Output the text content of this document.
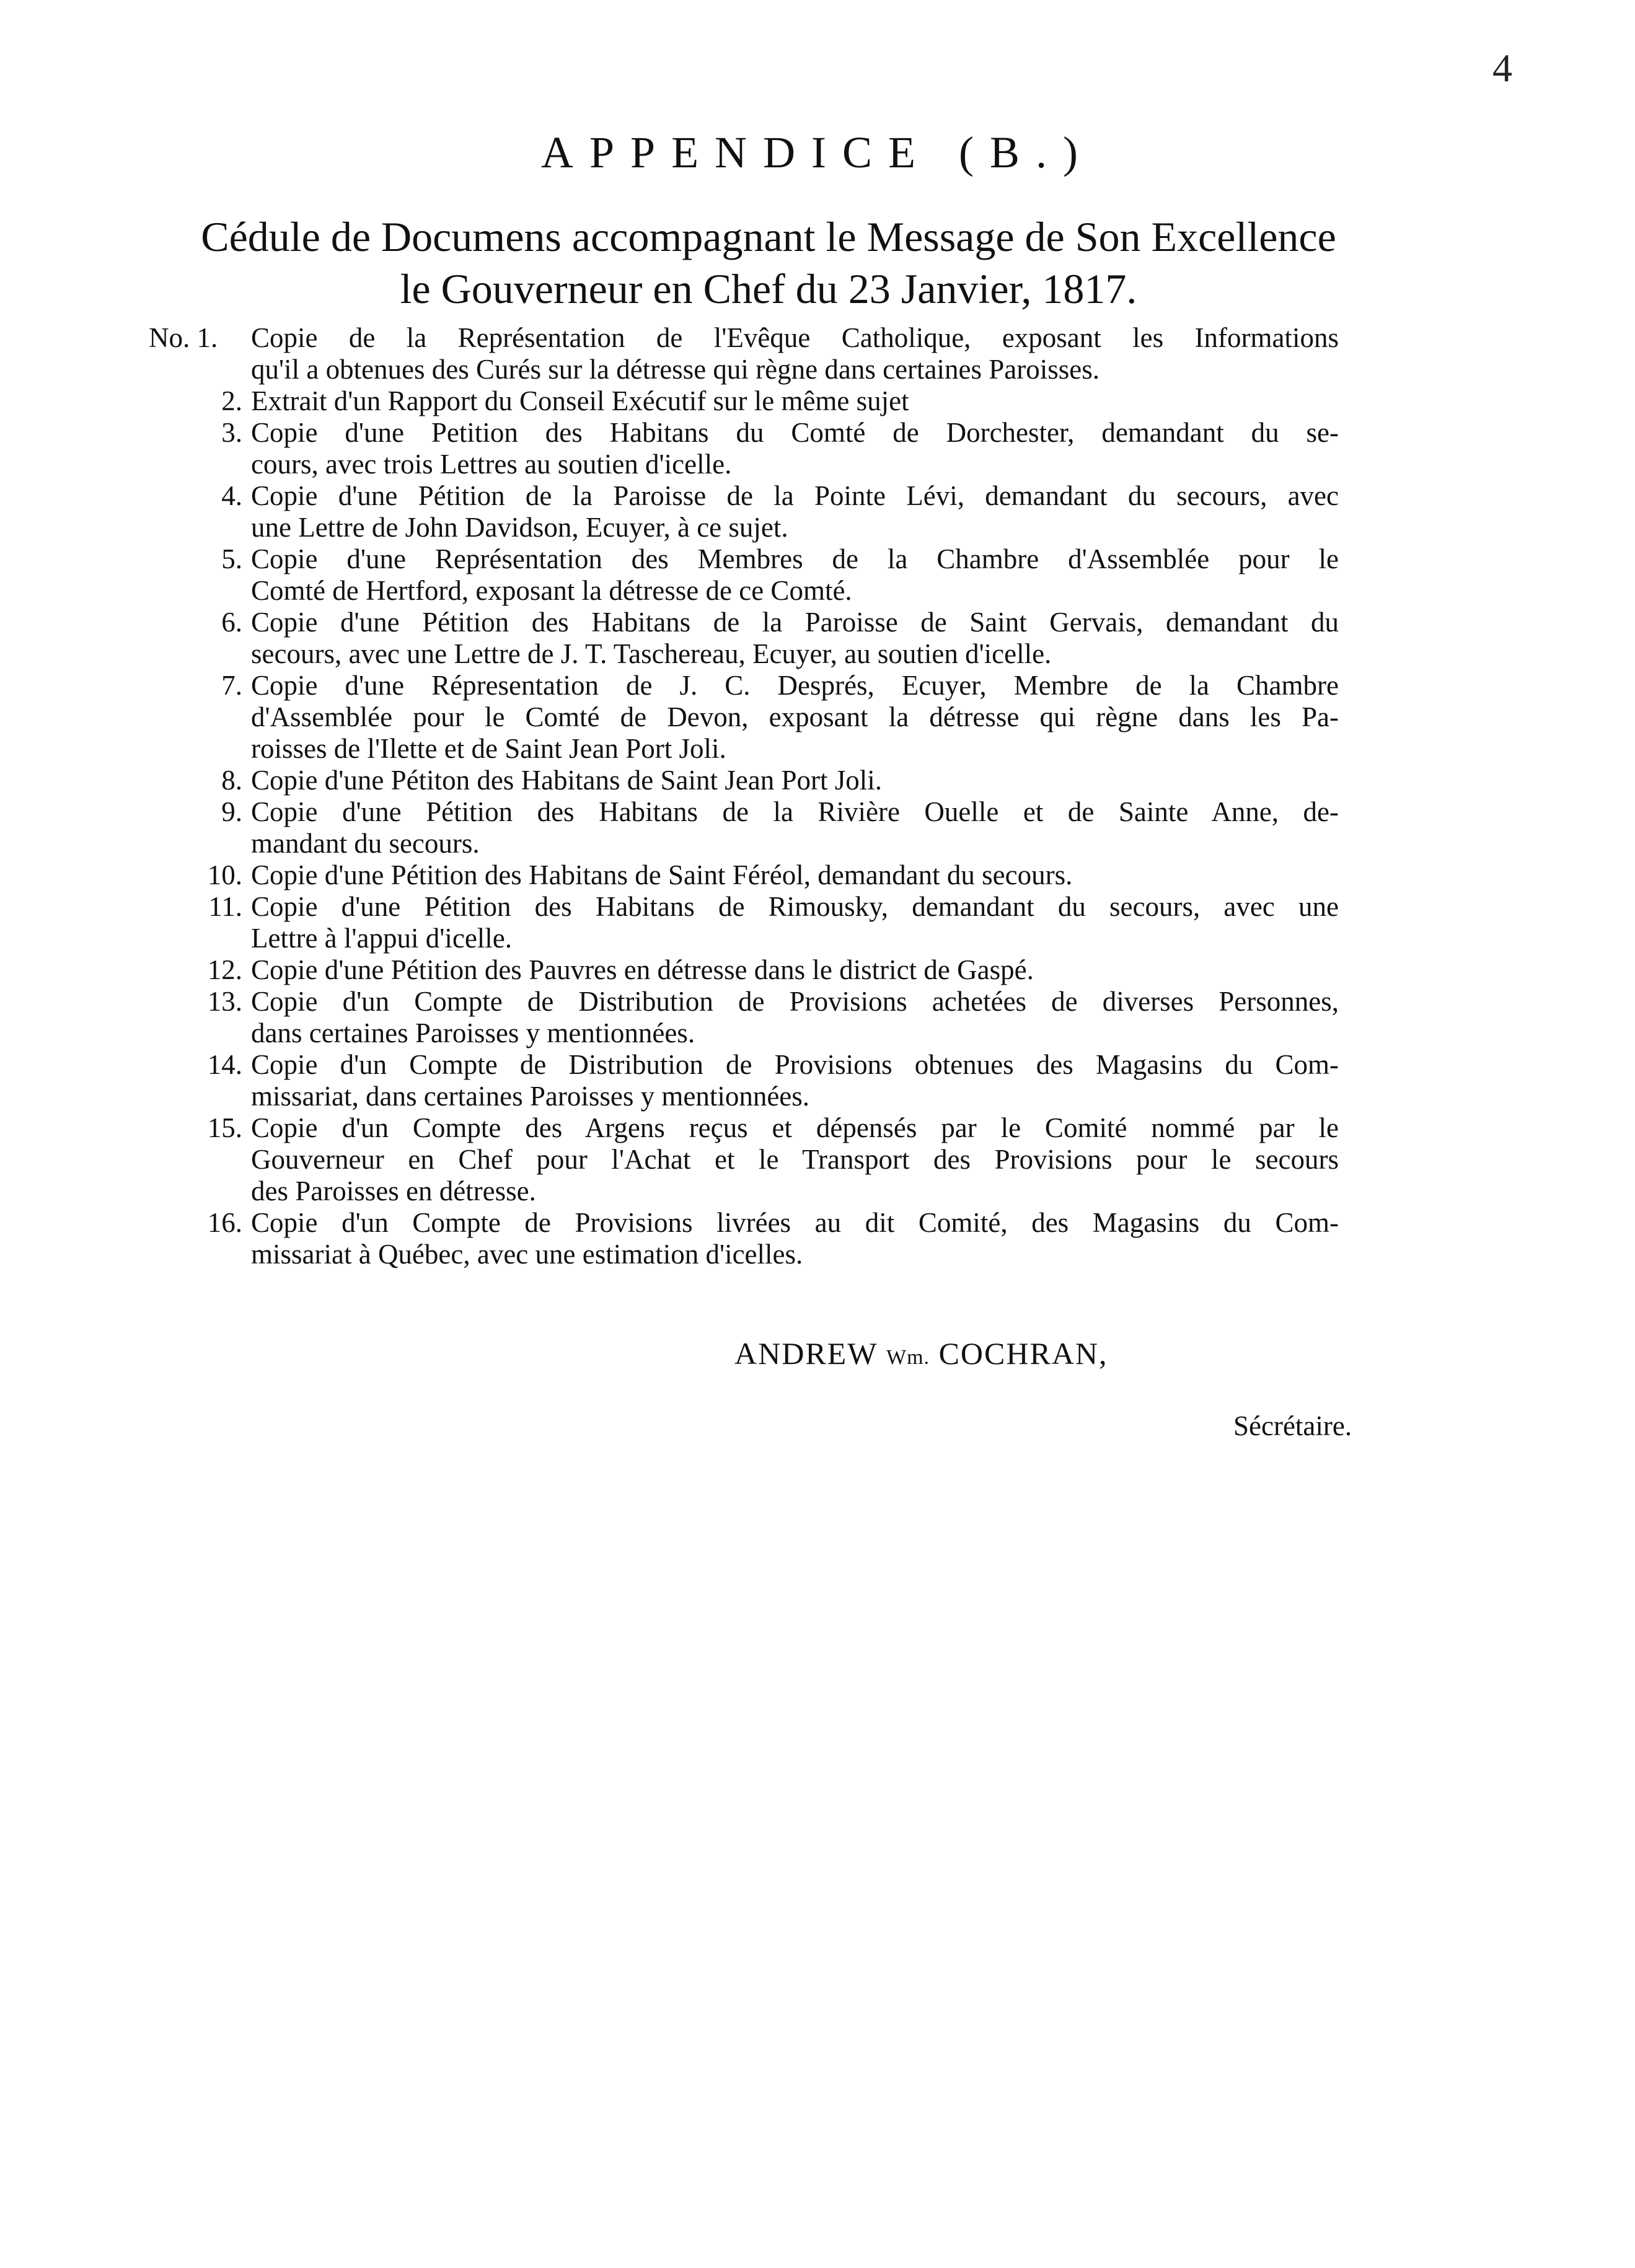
4
APPENDICE (B.)
Cédule de Documens accompagnant le Message de Son Excellence
le Gouverneur en Chef du 23 Janvier, 1817.
No. 1.	Copie de la Représentation de l'Evêque Catholique, exposant les Informations
qu'il a obtenues des Curés sur la détresse qui règne dans certaines Paroisses.
2. Extrait d'un Rapport du Conseil Exécutif sur le même sujet
3. Copie d'une Petition des Habitans du Comté de Dorchester, demandant du se-
cours, avec trois Lettres au soutien d'icelle.
4. Copie d'une Pétition de la Paroisse de la Pointe Lévi, demandant du secours, avec
une Lettre de John Davidson, Ecuyer, à ce sujet.
5. Copie d'une Représentation des Membres de la Chambre d'Assemblée pour le
Comté de Hertford, exposant la détresse de ce Comté.
6. Copie d'une Pétition des Habitans de la Paroisse de Saint Gervais, demandant du
secours, avec une Lettre de J. T. Taschereau, Ecuyer, au soutien d'icelle.
7. Copie d'une Répresentation de J. C. Després, Ecuyer, Membre de la Chambre
d'Assemblée pour le Comté de Devon, exposant la détresse qui règne dans les Pa-
roisses de l'Ilette et de Saint Jean Port Joli.
8. Copie d'une Pétiton des Habitans de Saint Jean Port Joli.
9. Copie d'une Pétition des Habitans de la Rivière Ouelle et de Sainte Anne, de-
mandant du secours.
10. Copie d'une Pétition des Habitans de Saint Féréol, demandant du secours.
11. Copie d'une Pétition des Habitans de Rimousky, demandant du secours, avec une
Lettre à l'appui d'icelle.
12. Copie d'une Pétition des Pauvres en détresse dans le district de Gaspé.
13. Copie d'un Compte de Distribution de Provisions achetées de diverses Personnes,
dans certaines Paroisses y mentionnées.
14. Copie d'un Compte de Distribution de Provisions obtenues des Magasins du Com-
missariat, dans certaines Paroisses y mentionnées.
15. Copie d'un Compte des Argens reçus et dépensés par le Comité nommé par le
Gouverneur en Chef pour l'Achat et le Transport des Provisions pour le secours
des Paroisses en détresse.
16. Copie d'un Compte de Provisions livrées au dit Comité, des Magasins du Com-
missariat à Québec, avec une estimation d'icelles.
ANDREW Wm. COCHRAN,
Sécrétaire.
